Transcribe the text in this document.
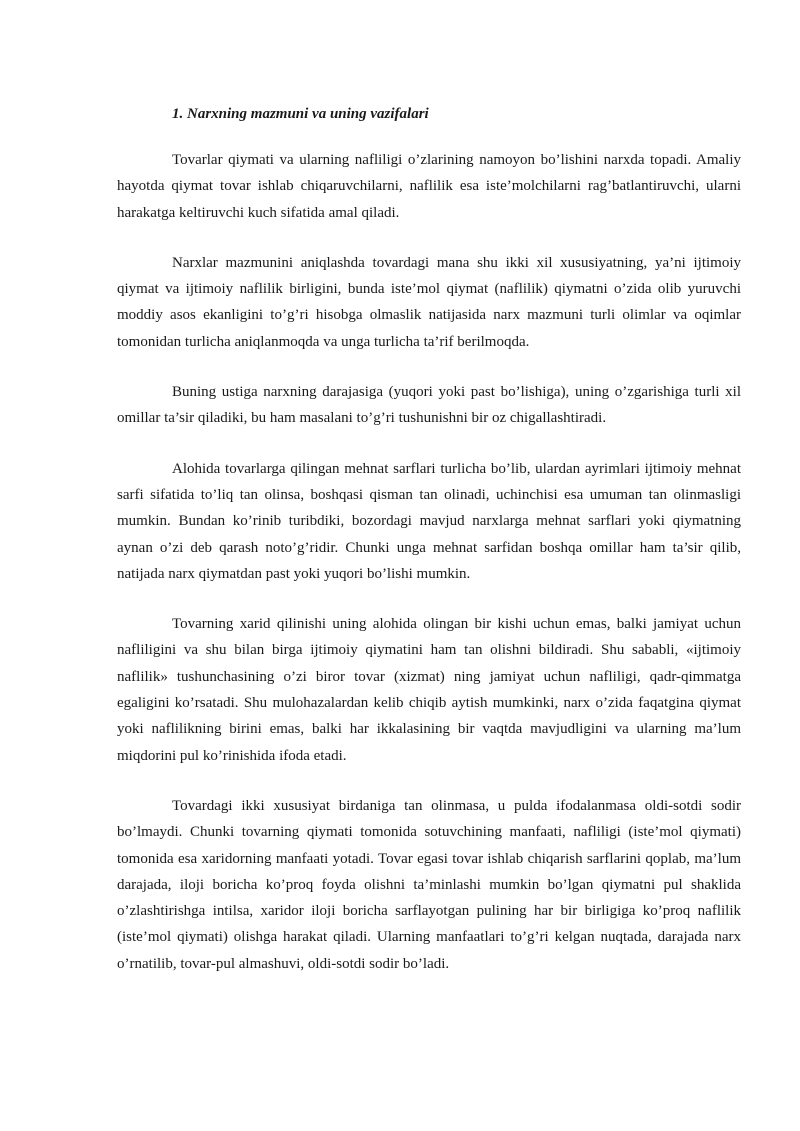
1. Narxning mazmuni va uning vazifalari

Tovarlar qiymati va ularning nafliligi o’zlarining namoyon bo’lishini narxda topadi. Amaliy hayotda qiymat tovar ishlab chiqaruvchilarni, naflilik esa iste’molchilarni rag’batlantiruvchi, ularni harakatga keltiruvchi kuch sifatida amal qiladi.

Narxlar mazmunini aniqlashda tovardagi mana shu ikki xil xususiyatning, ya’ni ijtimoiy qiymat va ijtimoiy naflilik birligini, bunda iste’mol qiymat (naflilik) qiymatni o’zida olib yuruvchi moddiy asos ekanligini to’g’ri hisobga olmaslik natijasida narx mazmuni turli olimlar va oqimlar tomonidan turlicha aniqlanmoqda va unga turlicha ta’rif berilmoqda.

Buning ustiga narxning darajasiga (yuqori yoki past bo’lishiga), uning o’zgarishiga turli xil omillar ta’sir qiladiki, bu ham masalani to’g’ri tushunishni bir oz chigallashtiradi.

Alohida tovarlarga qilingan mehnat sarflari turlicha bo’lib, ulardan ayrimlari ijtimoiy mehnat sarfi sifatida to’liq tan olinsa, boshqasi qisman tan olinadi, uchinchisi esa umuman tan olinmasligi mumkin. Bundan ko’rinib turibdiki, bozordagi mavjud narxlarga mehnat sarflari yoki qiymatning aynan o’zi deb qarash noto’g’ridir. Chunki unga mehnat sarfidan boshqa omillar ham ta’sir qilib, natijada narx qiymatdan past yoki yuqori bo’lishi mumkin.

Tovarning xarid qilinishi uning alohida olingan bir kishi uchun emas, balki jamiyat uchun nafliligini va shu bilan birga ijtimoiy qiymatini ham tan olishni bildiradi. Shu sababli, «ijtimoiy naflilik» tushunchasining o’zi biror tovar (xizmat) ning jamiyat uchun nafliligi, qadr-qimmatga egaligini ko’rsatadi. Shu mulohazalardan kelib chiqib aytish mumkinki, narx o’zida faqatgina qiymat yoki naflilikning birini emas, balki har ikkalasining bir vaqtda mavjudligini va ularning ma’lum miqdorini pul ko’rinishida ifoda etadi.

Tovardagi ikki xususiyat birdaniga tan olinmasa, u pulda ifodalanmasa oldi-sotdi sodir bo’lmaydi. Chunki tovarning qiymati tomonida sotuvchining manfaati, nafliligi (iste’mol qiymati) tomonida esa xaridorning manfaati yotadi. Tovar egasi tovar ishlab chiqarish sarflarini qoplab, ma’lum darajada, iloji boricha ko’proq foyda olishni ta’minlashi mumkin bo’lgan qiymatni pul shaklida o’zlashtirishga intilsa, xaridor iloji boricha sarflayotgan pulining har bir birligiga ko’proq naflilik (iste’mol qiymati) olishga harakat qiladi. Ularning manfaatlari to’g’ri kelgan nuqtada, darajada narx o’rnatilib, tovar-pul almashuvi, oldi-sotdi sodir bo’ladi.
